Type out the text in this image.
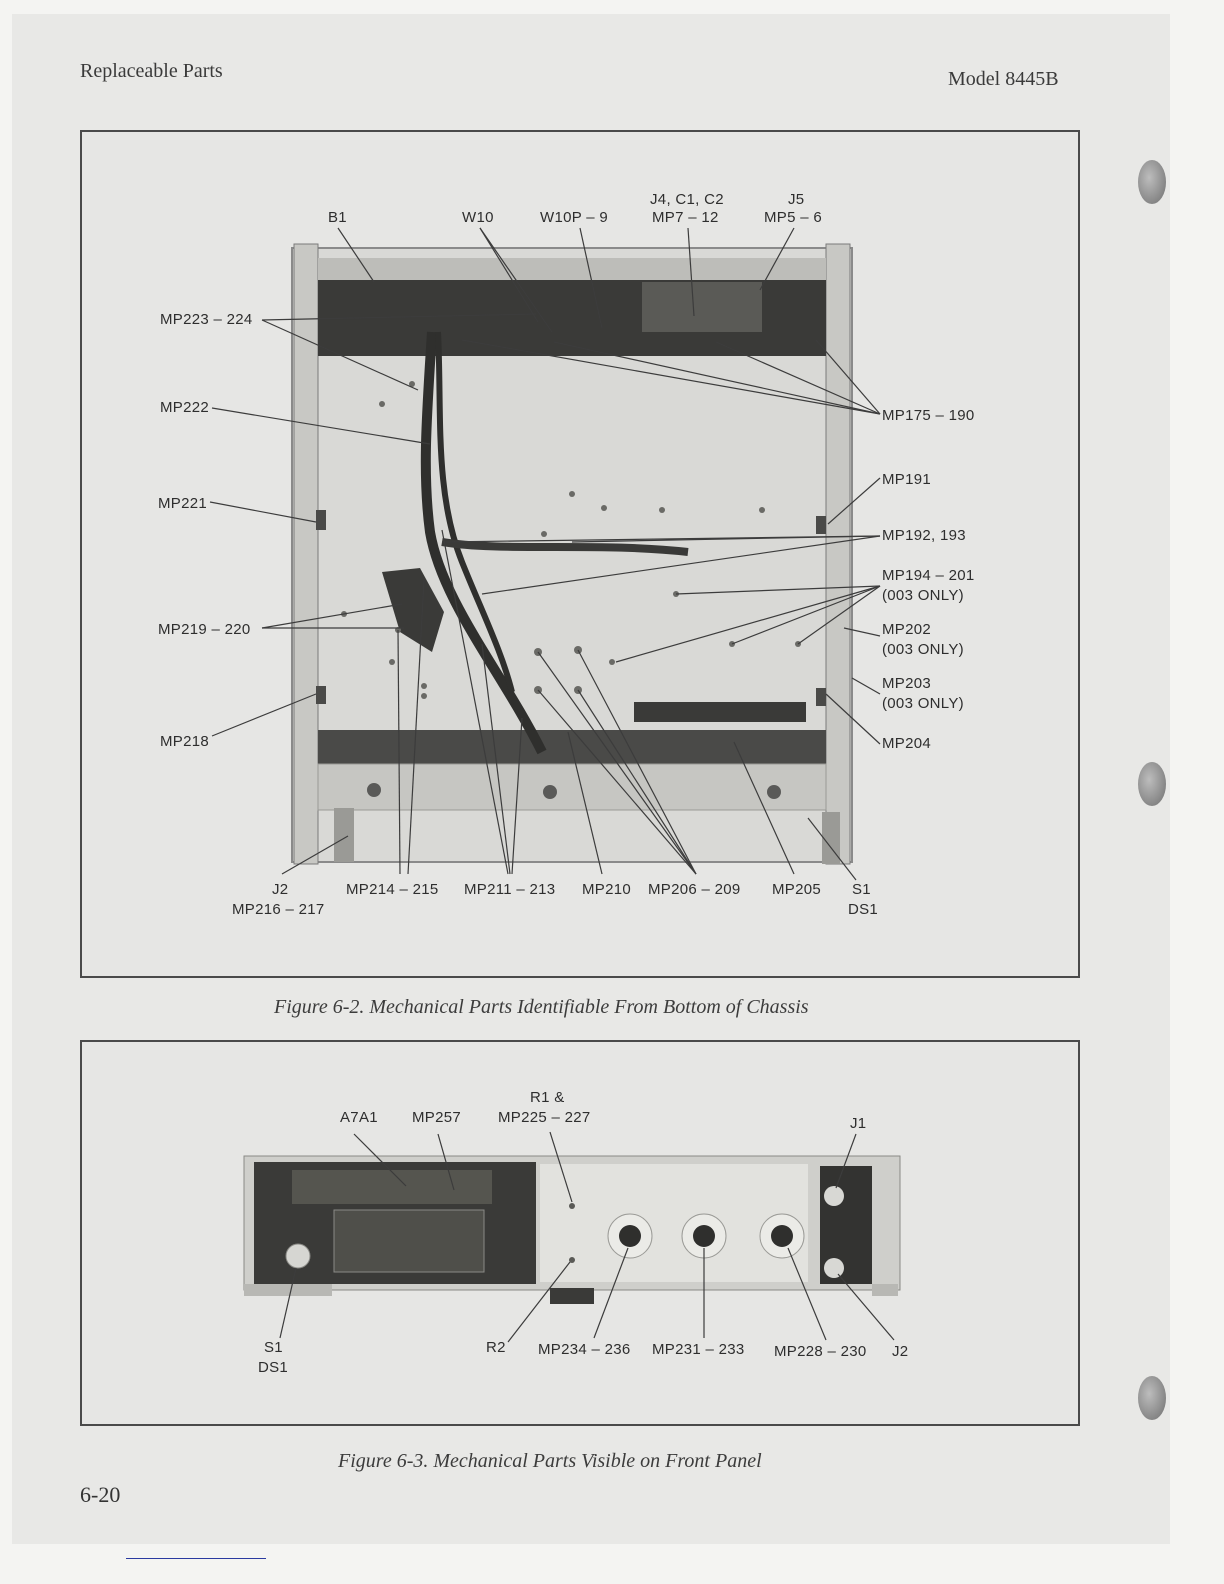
Replaceable Parts	Model 8445B
B1	W10	W10P – 9
J4, C1, C2
MP7 – 12
J5
MP5 – 6
MP223 – 224
MP222
MP221
MP219 – 220
MP218
MP175 – 190
MP191
MP192, 193
MP194 – 201
(003 ONLY)
MP202
(003 ONLY)
MP203
(003 ONLY)
MP204
J2
MP216 – 217
MP214 – 215 MP211 – 213 MP210 MP206 – 209 MP205 S1
DS1
Figure 6-2. Mechanical Parts Identifiable From Bottom of Chassis
A7A1 MP257
R1 &
MP225 – 227	J1
S1
DS1
R2 MP234 – 236 MP231 – 233 MP228 – 230 J2
Figure 6-3. Mechanical Parts Visible on Front Panel
6-20
